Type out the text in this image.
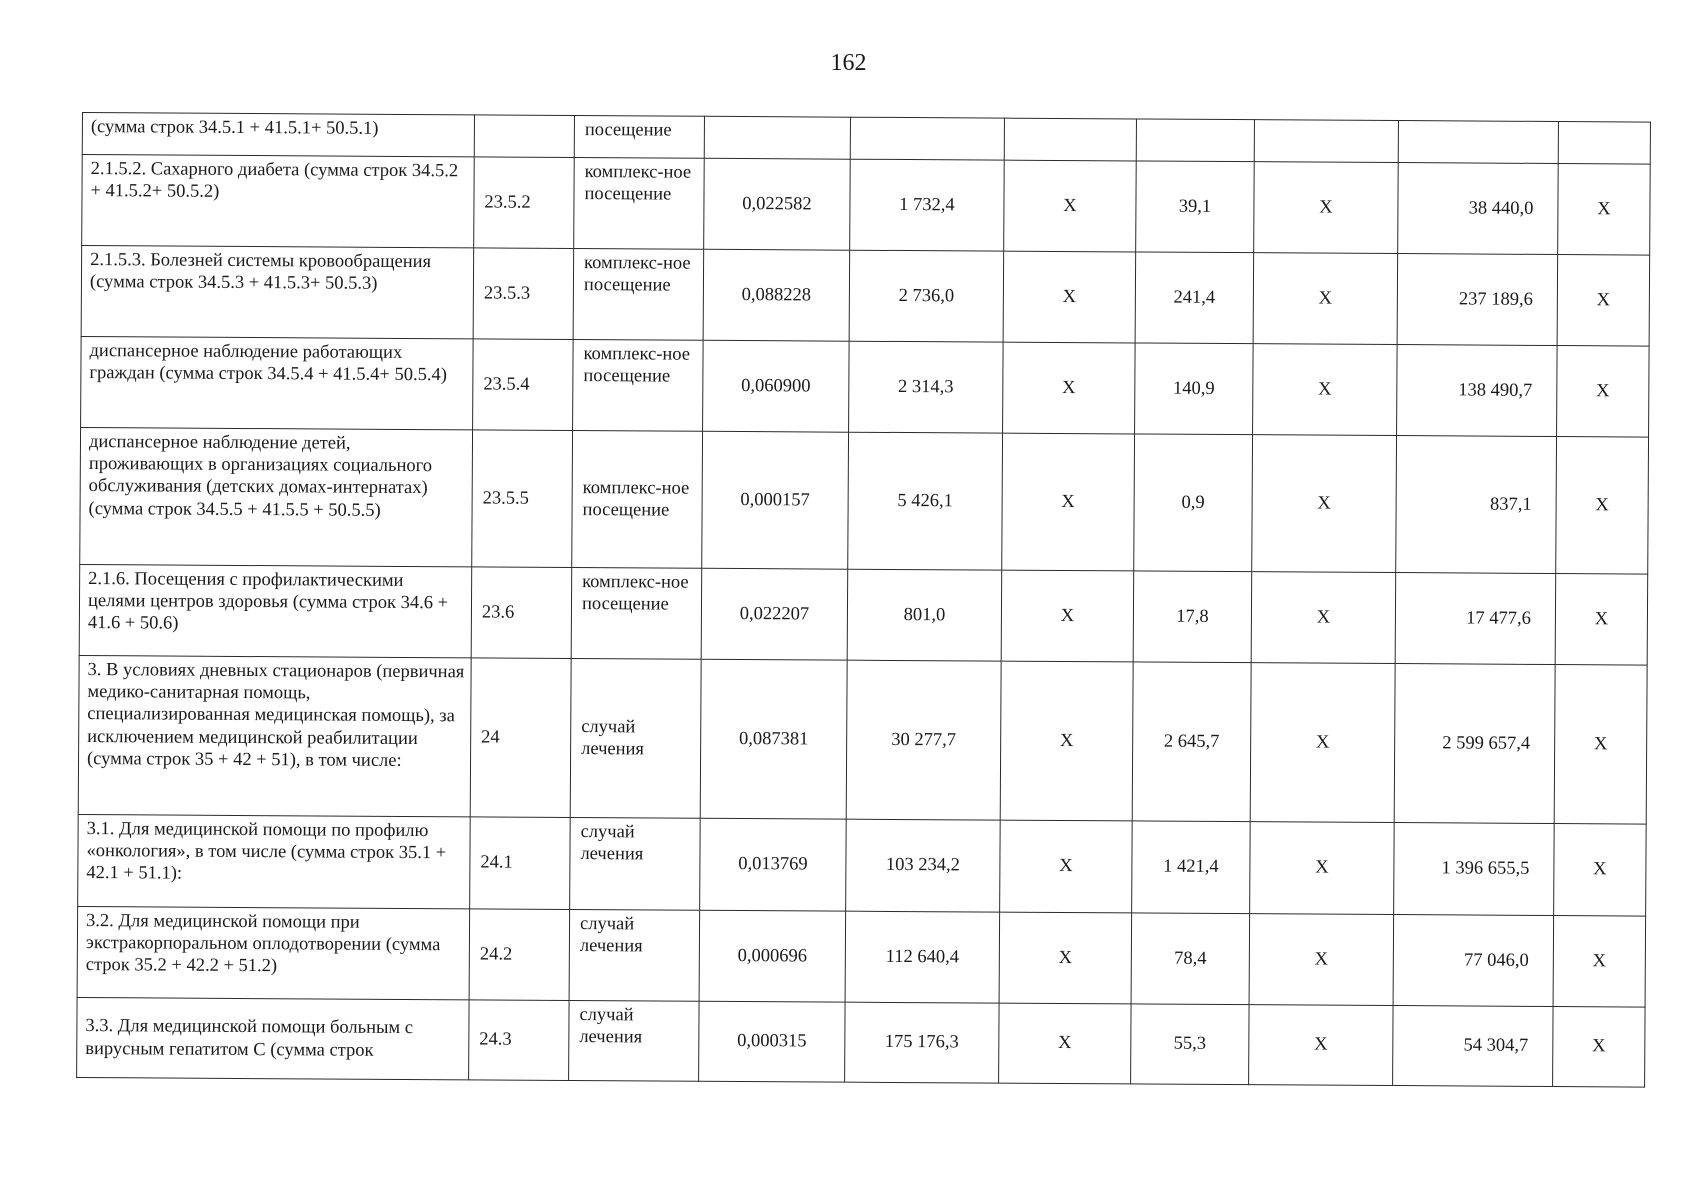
162
(сумма строк 34.5.1 + 41.5.1+ 50.5.1)		посещение							
2.1.5.2. Сахарного диабета (сумма строк 34.5.2 + 41.5.2+ 50.5.2)	23.5.2	комплекс-ное посещение	0,022582	1 732,4	Х	39,1	Х	38 440,0	Х
2.1.5.3. Болезней системы кровообращения (сумма строк 34.5.3 + 41.5.3+ 50.5.3)	23.5.3	комплекс-ное посещение	0,088228	2 736,0	Х	241,4	Х	237 189,6	Х
диспансерное наблюдение работающих граждан (сумма строк 34.5.4 + 41.5.4+ 50.5.4)	23.5.4	комплекс-ное посещение	0,060900	2 314,3	Х	140,9	Х	138 490,7	Х
диспансерное наблюдение детей, проживающих в организациях социального обслуживания (детских домах-интернатах) (сумма строк 34.5.5 + 41.5.5 + 50.5.5)	23.5.5	комплекс-ное посещение	0,000157	5 426,1	Х	0,9	Х	837,1	Х
2.1.6. Посещения с профилактическими целями центров здоровья (сумма строк 34.6 + 41.6 + 50.6)	23.6	комплекс-ное посещение	0,022207	801,0	Х	17,8	Х	17 477,6	Х
3. В условиях дневных стационаров (первичная медико-санитарная помощь, специализированная медицинская помощь), за исключением медицинской реабилитации (сумма строк 35 + 42 + 51), в том числе:	24	случай лечения	0,087381	30 277,7	Х	2 645,7	Х	2 599 657,4	Х
3.1. Для медицинской помощи по профилю «онкология», в том числе (сумма строк 35.1 + 42.1 + 51.1):	24.1	случай лечения	0,013769	103 234,2	Х	1 421,4	Х	1 396 655,5	Х
3.2. Для медицинской помощи при экстракорпоральном оплодотворении (сумма строк 35.2 + 42.2 + 51.2)	24.2	случай лечения	0,000696	112 640,4	Х	78,4	Х	77 046,0	Х
3.3. Для медицинской помощи больным с вирусным гепатитом С (сумма строк	24.3	случай лечения	0,000315	175 176,3	Х	55,3	Х	54 304,7	Х
